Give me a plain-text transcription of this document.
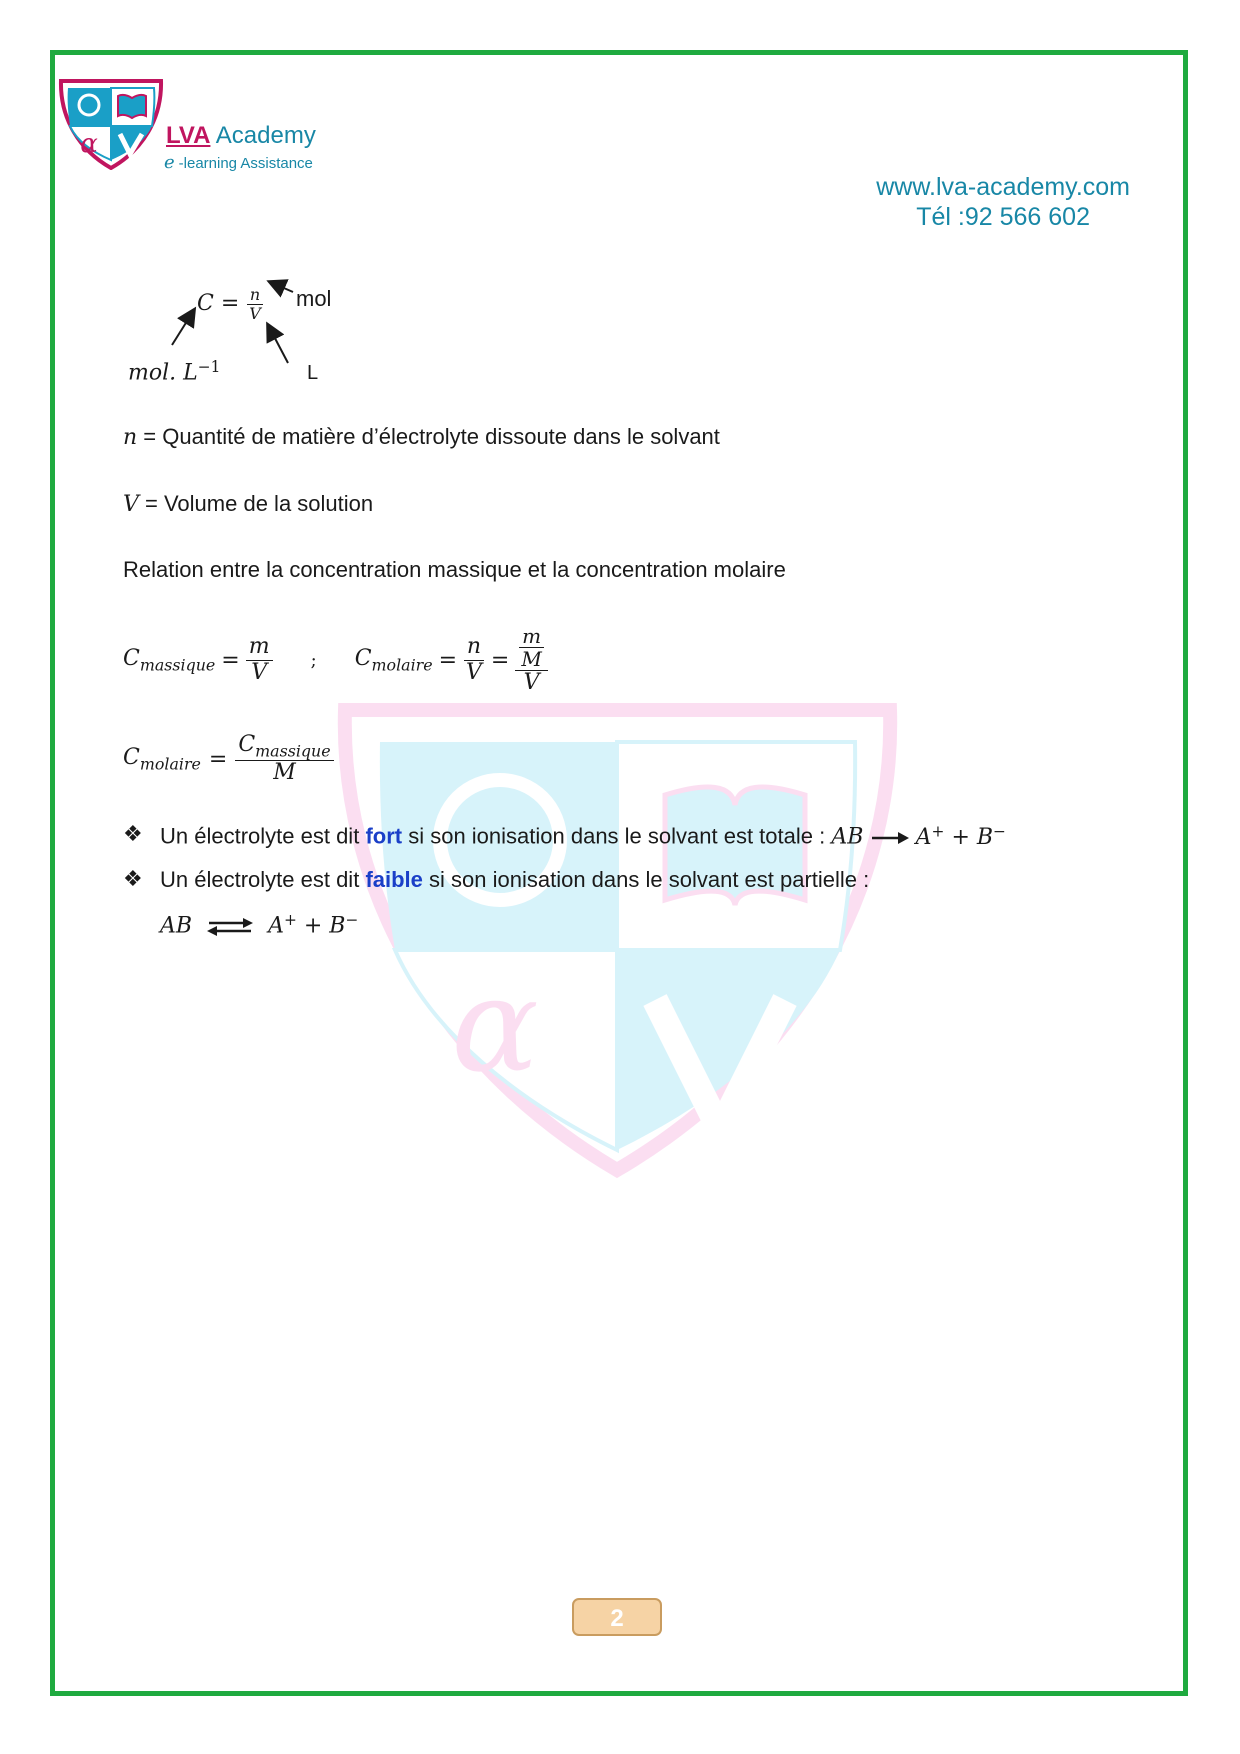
α
α	LVA Academy
e -learning Assistance
www.lva-academy.com
Tél :92 566 602
$C = \frac{n}{V}$ mol
mol. $L^{-1}$	L
n = Quantité de matière d’électrolyte dissoute dans le solvant
V = Volume de la solution
Relation entre la concentration massique et la concentration molaire
$C_{massique} = \frac{m}{V}$ ; $C_{molaire} = \frac{n}{V} = \frac{\frac{m}{M}}{V}$
$C_{molaire} = \frac{C_{massique}}{M}$
❖ Un électrolyte est dit fort si son ionisation dans le solvant est totale : AB A+ + B−
❖ Un électrolyte est dit faible si son ionisation dans le solvant est partielle :
AB ⇌ A+ + B−
2
